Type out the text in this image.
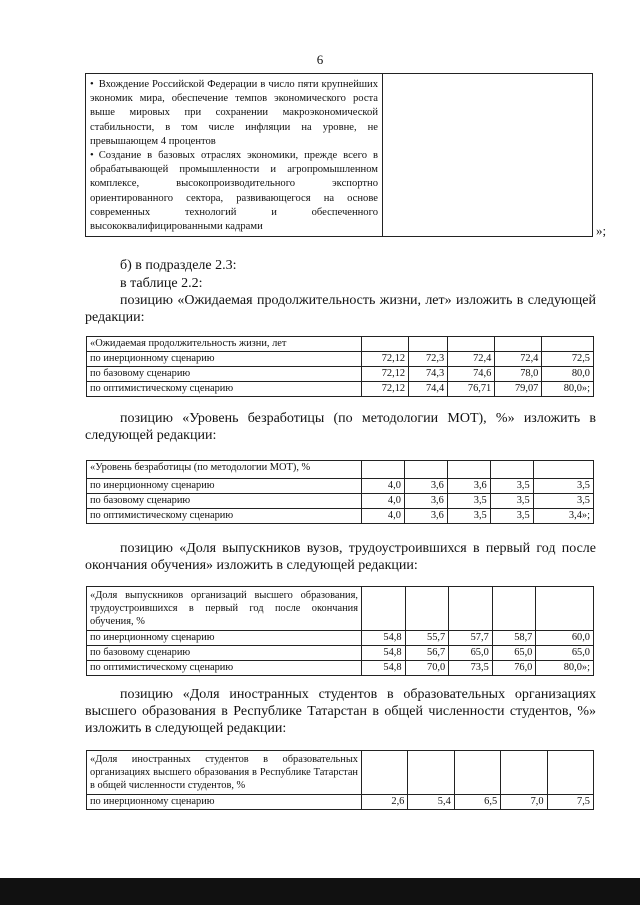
6
• Вхождение Российской Федерации в число пяти крупнейших экономик мира, обеспечение темпов экономического роста выше мировых при сохранении макроэкономической стабильности, в том числе инфляции на уровне, не превышающем 4 процентов
• Создание в базовых отраслях экономики, прежде всего в обрабатывающей промышленности и агропромышленном комплексе, высокопроизводительного экспортно ориентированного сектора, развивающегося на основе современных технологий и обеспеченного высококвалифицированными кадрами
		»;
б) в подразделе 2.3:
в таблице 2.2:
позицию «Ожидаемая продолжительность жизни, лет» изложить в следующей редакции:
«Ожидаемая продолжительность жизни, лет					
по инерционному сценарию	72,12	72,3	72,4	72,4	72,5
по базовому сценарию	72,12	74,3	74,6	78,0	80,0
по оптимистическому сценарию	72,12	74,4	76,71	79,07	80,0»;
позицию «Уровень безработицы (по методологии МОТ), %» изложить в следующей редакции:
«Уровень безработицы (по методологии МОТ), %					
по инерционному сценарию	4,0	3,6	3,6	3,5	3,5
по базовому сценарию	4,0	3,6	3,5	3,5	3,5
по оптимистическому сценарию	4,0	3,6	3,5	3,5	3,4»;
позицию «Доля выпускников вузов, трудоустроившихся в первый год после окончания обучения» изложить в следующей редакции:
«Доля выпускников организаций высшего образования, трудоустроившихся в первый год после окончания обучения, %					
по инерционному сценарию	54,8	55,7	57,7	58,7	60,0
по базовому сценарию	54,8	56,7	65,0	65,0	65,0
по оптимистическому сценарию	54,8	70,0	73,5	76,0	80,0»;
позицию «Доля иностранных студентов в образовательных организациях высшего образования в Республике Татарстан в общей численности студентов, %» изложить в следующей редакции:
«Доля иностранных студентов в образовательных организациях высшего образования в Республике Татарстан в общей численности студентов, %					
по инерционному сценарию	2,6	5,4	6,5	7,0	7,5
